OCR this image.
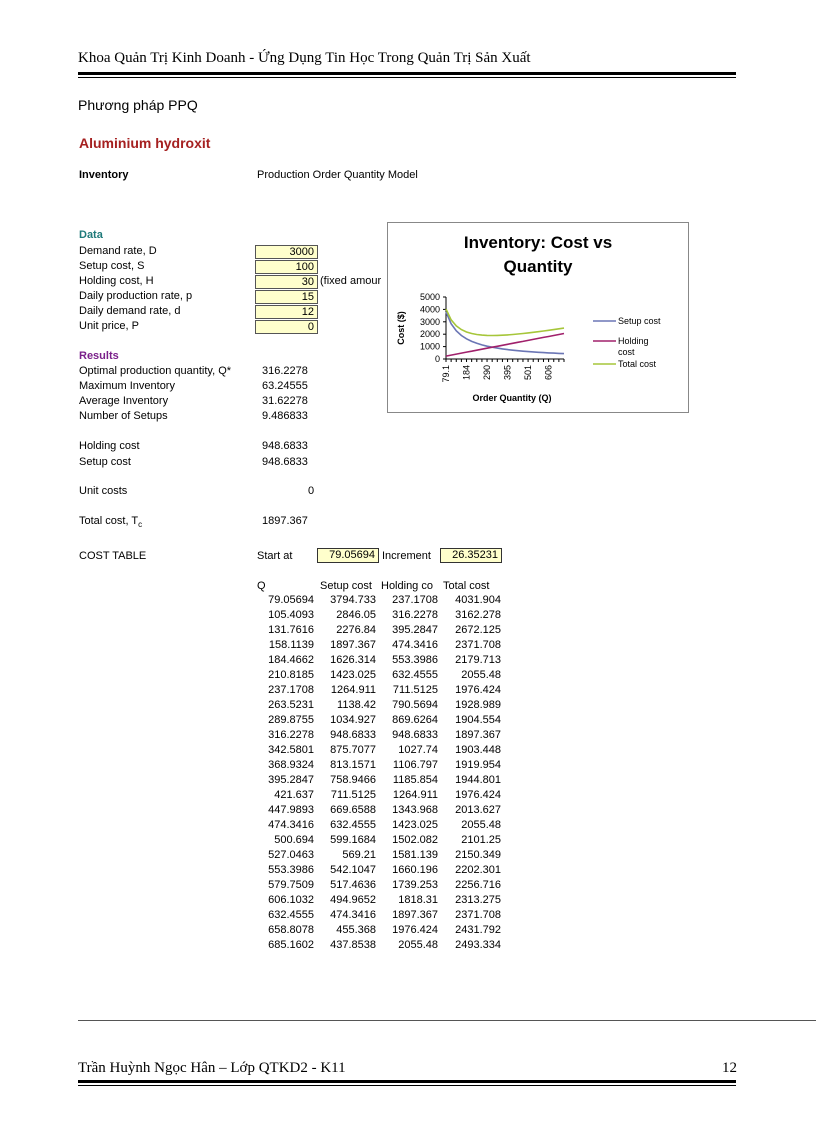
Khoa Quản Trị Kinh Doanh - Ứng Dụng Tin Học Trong Quản Trị Sản Xuất
Phương pháp PPQ
Aluminium hydroxit
Inventory	Production Order Quantity Model
Data
Demand rate, D	3000
Setup cost, S	100
Holding cost, H	30 (fixed amour
Daily production rate, p	15
Daily demand rate, d	12
Unit price, P	0
Results
Optimal production quantity, Q*	316.2278
Maximum Inventory	63.24555
Average Inventory	31.62278
Number of Setups	9.486833
Holding cost	948.6833
Setup cost	948.6833
Unit costs	0
Total cost, $T_c$	1897.367
COST TABLE	Start at	79.05694 Increment	26.35231
Q	Setup cost Holding co Total cost
79.05694 3794.733 237.1708 4031.904
105.4093 2846.05 316.2278 3162.278
131.7616 2276.84 395.2847 2672.125
158.1139 1897.367 474.3416 2371.708
184.4662 1626.314 553.3986 2179.713
210.8185 1423.025 632.4555 2055.48
237.1708 1264.911 711.5125 1976.424
263.5231 1138.42 790.5694 1928.989
289.8755 1034.927 869.6264 1904.554
316.2278 948.6833 948.6833 1897.367
342.5801 875.7077 1027.74 1903.448
368.9324 813.1571 1106.797 1919.954
395.2847 758.9466 1185.854 1944.801
421.637 711.5125 1264.911 1976.424
447.9893 669.6588 1343.968 2013.627
474.3416 632.4555 1423.025 2055.48
500.694 599.1684 1502.082 2101.25
527.0463	569.21 1581.139 2150.349
553.3986 542.1047 1660.196 2202.301
579.7509 517.4636 1739.253 2256.716
606.1032 494.9652 1818.31 2313.275
632.4555 474.3416 1897.367 2371.708
658.8078 455.368 1976.424 2431.792
685.1602 437.8538 2055.48 2493.334
Inventory: Cost vs
Quantity
5000
4000
3000
2000
1000
0
79.1 184 290 395 501 606
Cost ($)
Order Quantity (Q)
Setup cost
Holding
cost
Total cost
Trần Huỳnh Ngọc Hân – Lớp QTKD2 - K11	12
